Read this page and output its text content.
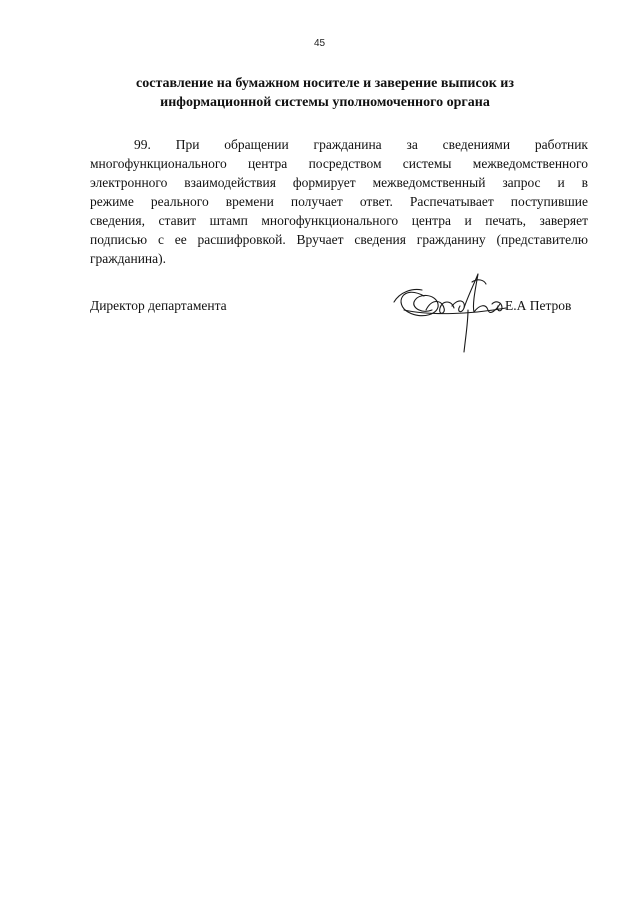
45
составление на бумажном носителе и заверение выписок из
информационной системы уполномоченного органа
99. При обращении гражданина за сведениями работник
многофункционального центра посредством системы межведомственного
электронного взаимодействия формирует межведомственный запрос и в
режиме реального времени получает ответ. Распечатывает поступившие
сведения, ставит штамп многофункционального центра и печать, заверяет
подписью с ее расшифровкой. Вручает сведения гражданину (представителю
гражданина).
Директор департамента	Е.А Петров
